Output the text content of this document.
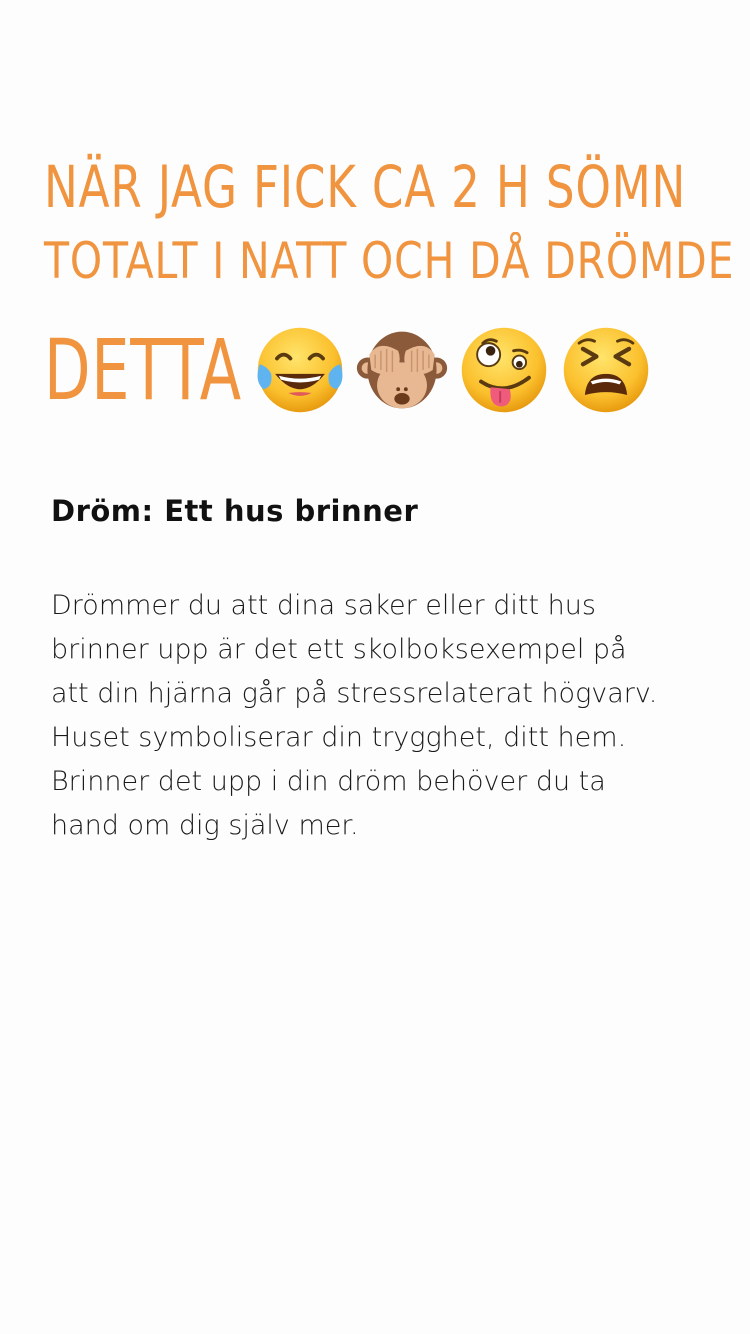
NÄR JAG FICK CA 2 H SÖMN
TOTALT I NATT OCH DÅ DRÖMDE
DETTA
Dröm: Ett hus brinner

Drömmer du att dina saker eller ditt hus
brinner upp är det ett skolboksexempel på
att din hjärna går på stressrelaterat högvarv.
Huset symboliserar din trygghet, ditt hem.
Brinner det upp i din dröm behöver du ta
hand om dig själv mer.
